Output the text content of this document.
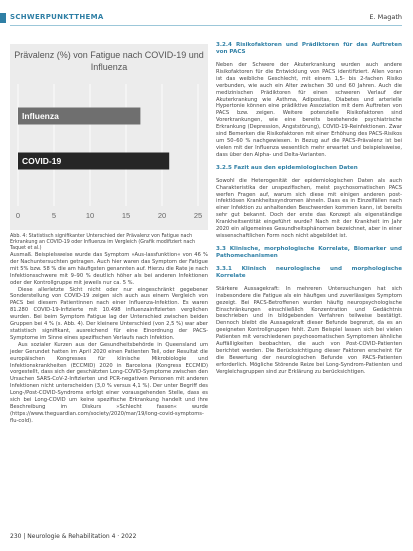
SCHWERPUNKTTHEMA	E. Magath
Prävalenz (%) von Fatigue nach COVID-19 und Influenza
0	5	10	15	20	25
Influenza
COVID-19
Abb. 4: Statistisch signifikanter Unterschied der Prävalenz von Fatigue nach Erkrankung an COVID-19 oder Influenza im Vergleich (Grafik modifiziert nach Taquet et al.)

Ausmaß. Beispielsweise wurde das Symptom »Aus-lassfunktion« von 46 % der Nachuntersuchten getragen. Auch hier waren das Symptom der Fatigue mit 5% bzw. 58 % die am häufigsten genannten auf. Hierzu die Rate je nach Infektionsschwere mit 9–90 % deutlich höher als bei anderen Infektionen oder der Kontrollgruppe mit jeweils nur ca. 5 %.

Diese allerletzte Sicht nicht oder nur eingeschränkt gegebener Sonderstellung von COVID-19 zeigen sich auch aus einem Vergleich von PACS bei diesem Patientinnen nach einer Influenza-Infektion. Es waren 81.280 COVID-19-Infizierte mit 10.498 influenzainfizierten verglichen wurden. Bei beim Symptom Fatigue lag der Unterschied zwischen beiden Gruppen bei 4 % (s. Abb. 4). Der kleinere Unterschied (von 2,5 %) war aber statistisch signifikant, ausreichend für eine Einordnung der PACS-Symptome im Sinne eines spezifischen Verlaufs nach Infektion.

Aus sozialer Kurzen aus der Gesundheitsbehörde in Queensland um jeder Gerundet hatten im April 2020 einen Patienten Teil, oder Resultat die europäischen Kongresses für klinische Mikrobiologie und Infektionskrankheiten (ECCMID) 2020 in Barcelona (Kongress ECCMID) vorgestellt, dass sich der geschätzten Long-COVID-Symptome zwischen den Ursachen SARS-CoV-2-Infizierten und PCR-negativen Personen mit anderen Infektionen nicht unterscheiden (3,0 % versus 4,1 %). Der unter Begriff des Long-/Post-COVID-Syndroms erfolgt einer vorausgehenden Stelle, dass es sich bei Long-COVID um keine spezifische Erkrankung handelt und ihre Beschreibung im Diskurs »Schlecht fassen« wurde (https://www.theguardian.com/society/2020/mar/19/long-covid-symptoms-flu-cold).

3.2.4 Risikofaktoren und Prädiktoren für das Auftreten von PACS

Neben der Schwere der Akuterkrankung wurden auch andere Risikofaktoren für die Entwicklung von PACS identifiziert. Allen voran ist das weibliche Geschlecht, mit einem 1,5- bis 2-fachen Risiko verbunden, wie auch ein Alter zwischen 30 und 60 Jahren. Auch die medizinischen Prädiktoren für einen schweren Verlauf der Akuterkrankung wie Asthma, Adipositas, Diabetes und arterielle Hypertonie können eine prädiktive Assoziation mit dem Auftreten von PACS bzw. zeigen. Weitere potenzielle Risikofaktoren sind Vorerkrankungen, wie eine bereits bestehende psychiatrische Erkrankung (Depression, Angststörung), COVID-19-Reinfektionen. Zwar sind Bemerken die Risikofaktoren mit einer Erhöhung des PACS-Risikos um 50–60 % nachgewiesen. In Bezug auf die PACS-Prävalenz ist bei vielen mit der Influenza wesentlich mehr erwartet und beispielsweise, dass über den Alpha- und Delta-Varianten.

3.2.5 Fazit aus den epidemiologischen Daten

Sowohl die Heterogenität der epidemiologischen Daten als auch Charakteristika der unspezifischen, meist psychosomatischen PACS werfen Fragen auf, warum sich diese mit einigen anderen post-infektiösen Krankheitssyndromen ähneln. Dass es in Einzelfällen nach einer Infektion zu anhaltenden Beschwerden kommen kann, ist bereits sehr gut bekannt. Doch der erste das Konzept als eigenständige Krankheitsentität eingeführt wurde? Nach mit der Krankheit im Jahr 2020 ein allgemeines Gesundheitsphänomen bezeichnet, aber in einer wissenschaftlichen Form noch nicht abgebildet ist.

3.3 Klinische, morphologische Korrelate, Biomarker und Pathomechanismen

3.3.1 Klinisch neurologische und morphologische Korrelate

Stärkere Aussagekraft: In mehreren Untersuchungen hat sich insbesondere die Fatigue als ein häufiges und zuverlässiges Symptom gezeigt. Bei PACS-Betroffenen wurden häufig neuropsychologische Einschränkungen einschließlich Konzentration und Gedächtnis beschrieben und in bildgebenden Verfahren teilweise bestätigt. Dennoch bleibt die Aussagekraft dieser Befunde begrenzt, da es an geeigneten Kontrollgruppen fehlt. Zum Beispiel lassen sich bei vielen Patienten mit verschiedenen psychosomatischen Symptomen ähnliche Auffälligkeiten beobachten, die auch von Post-COVID-Patienten berichtet werden. Die Berücksichtigung dieser Faktoren erscheint für die Bewertung der neurologischen Befunde von PACS-Patienten erforderlich. Mögliche Störende Reize bei Long-Syndrom-Patienten und Vergleichsgruppen sind zur Erklärung zu berücksichtigen.

230 | Neurologie & Rehabilitation 4 · 2022
